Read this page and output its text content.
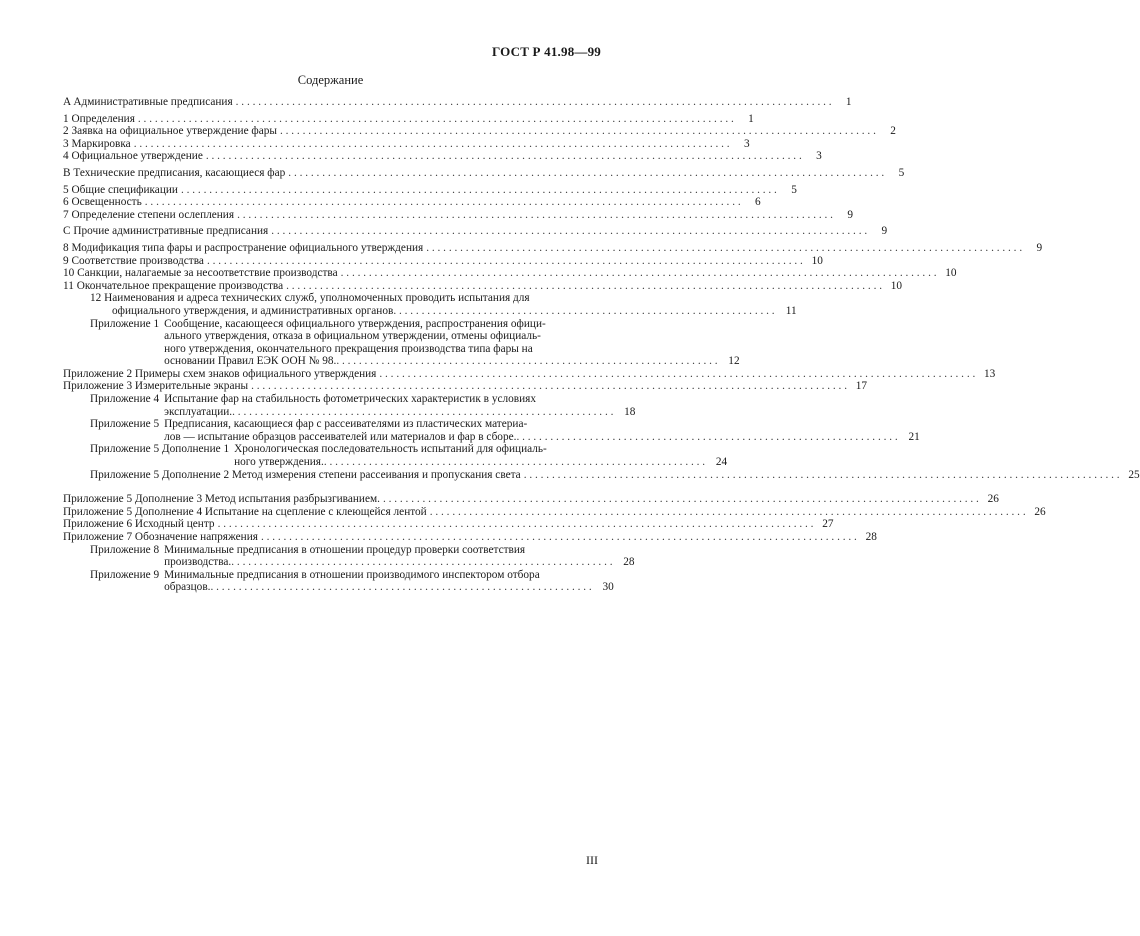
ГОСТ Р 41.98—99
Содержание
A Административные предписания . . .	1
1 Определения . . .	1
2 Заявка на официальное утверждение фары . . .	2
3 Маркировка . . .	3
4 Официальное утверждение . . .	3
B Технические предписания, касающиеся фар . . .	5
5 Общие спецификации . . .	5
6 Освещенность . . .	6
7 Определение степени ослепления . . .	9
C Прочие административные предписания . . .	9
8 Модификация типа фары и распространение официального утверждения . . .	9
9 Соответствие производства . . .	10
10 Санкции, налагаемые за несоответствие производства . . .	10
11 Окончательное прекращение производства . . .	10
12 Наименования и адреса технических служб, уполномоченных проводить испытания для
официального утверждения, и административных органов . . .	11
Приложение 1 Сообщение, касающееся официального утверждения, распространения офици-
ального утверждения, отказа в официальном утверждении, отмены официаль-
ного утверждения, окончательного прекращения производства типа фары на
основании Правил ЕЭК ООН № 98. . . .	12
Приложение 2 Примеры схем знаков официального утверждения . . .	13
Приложение 3 Измерительные экраны . . .	17
Приложение 4 Испытание фар на стабильность фотометрических характеристик в условиях
эксплуатации. . . .	18
Приложение 5 Предписания, касающиеся фар с рассеивателями из пластических материа-
лов — испытание образцов рассеивателей или материалов и фар в сборе. . . .	21
Приложение 5 Дополнение 1 Хронологическая последовательность испытаний для официаль-
ного утверждения. . . .	24
Приложение 5 Дополнение 2 Метод измерения степени рассеивания и пропускания света . . .	25
Приложение 5 Дополнение 3 Метод испытания разбрызгиванием. . . .	26
Приложение 5 Дополнение 4 Испытание на сцепление с клеющейся лентой . . .	26
Приложение 6 Исходный центр . . .	27
Приложение 7 Обозначение напряжения . . .	28
Приложение 8 Минимальные предписания в отношении процедур проверки соответствия
производства. . . .	28
Приложение 9 Минимальные предписания в отношении производимого инспектором отбора
образцов. . . .	30
III
